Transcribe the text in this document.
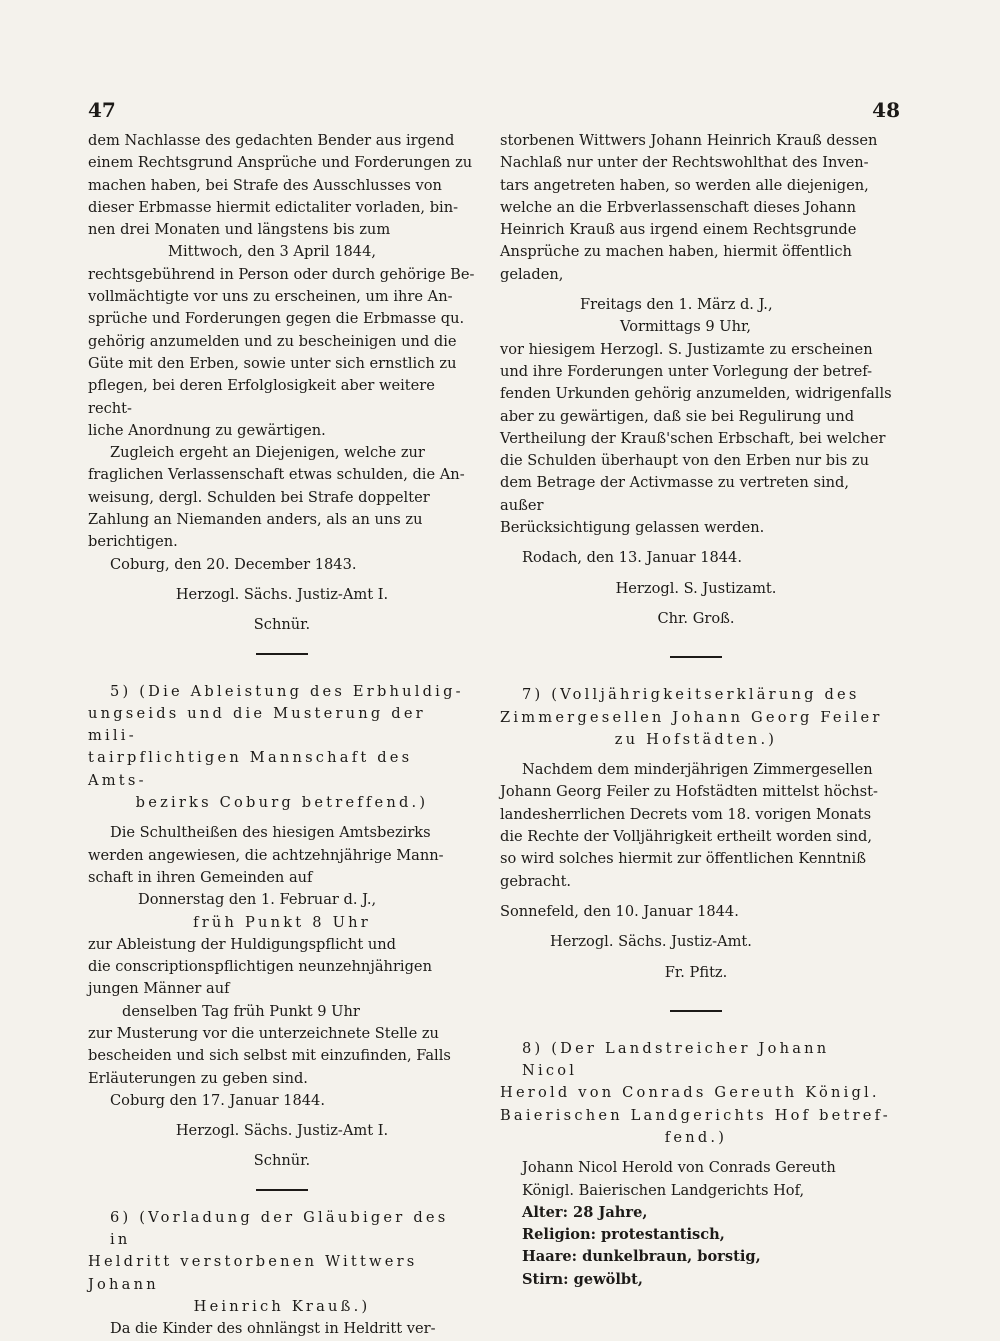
47	48
dem Nachlasse des gedachten Bender aus irgend
einem Rechtsgrund Ansprüche und Forderungen zu
machen haben, bei Strafe des Ausschlusses von
dieser Erbmasse hiermit edictaliter vorladen, bin-
nen drei Monaten und längstens bis zum
Mittwoch, den 3 April 1844,
rechtsgebührend in Person oder durch gehörige Be-
vollmächtigte vor uns zu erscheinen, um ihre An-
sprüche und Forderungen gegen die Erbmasse qu.
gehörig anzumelden und zu bescheinigen und die
Güte mit den Erben, sowie unter sich ernstlich zu
pflegen, bei deren Erfolglosigkeit aber weitere recht-
liche Anordnung zu gewärtigen.
Zugleich ergeht an Diejenigen, welche zur
fraglichen Verlassenschaft etwas schulden, die An-
weisung, dergl. Schulden bei Strafe doppelter
Zahlung an Niemanden anders, als an uns zu
berichtigen.
Coburg, den 20. December 1843.
Herzogl. Sächs. Justiz-Amt I.
Schnür.
5) (Die Ableistung des Erbhuldig-
ungseids und die Musterung der mili-
tairpflichtigen Mannschaft des Amts-
bezirks Coburg betreffend.)
Die Schultheißen des hiesigen Amtsbezirks
werden angewiesen, die achtzehnjährige Mann-
schaft in ihren Gemeinden auf
Donnerstag den 1. Februar d. J.,
früh Punkt 8 Uhr
zur Ableistung der Huldigungspflicht und
die conscriptionspflichtigen neunzehnjährigen
jungen Männer auf
denselben Tag früh Punkt 9 Uhr
zur Musterung vor die unterzeichnete Stelle zu
bescheiden und sich selbst mit einzufinden, Falls
Erläuterungen zu geben sind.
Coburg den 17. Januar 1844.
Herzogl. Sächs. Justiz-Amt I.
Schnür.
6) (Vorladung der Gläubiger des in
Heldritt verstorbenen Wittwers Johann
Heinrich Krauß.)
Da die Kinder des ohnlängst in Heldritt ver-
storbenen Wittwers Johann Heinrich Krauß dessen
Nachlaß nur unter der Rechtswohlthat des Inven-
tars angetreten haben, so werden alle diejenigen,
welche an die Erbverlassenschaft dieses Johann
Heinrich Krauß aus irgend einem Rechtsgrunde
Ansprüche zu machen haben, hiermit öffentlich geladen,
Freitags den 1. März d. J.,
Vormittags 9 Uhr,
vor hiesigem Herzogl. S. Justizamte zu erscheinen
und ihre Forderungen unter Vorlegung der betref-
fenden Urkunden gehörig anzumelden, widrigenfalls
aber zu gewärtigen, daß sie bei Regulirung und
Vertheilung der Krauß'schen Erbschaft, bei welcher
die Schulden überhaupt von den Erben nur bis zu
dem Betrage der Activmasse zu vertreten sind, außer
Berücksichtigung gelassen werden.
Rodach, den 13. Januar 1844.
Herzogl. S. Justizamt.
Chr. Groß.
7) (Volljährigkeitserklärung des
Zimmergesellen Johann Georg Feiler
zu Hofstädten.)
Nachdem dem minderjährigen Zimmergesellen
Johann Georg Feiler zu Hofstädten mittelst höchst-
landesherrlichen Decrets vom 18. vorigen Monats
die Rechte der Volljährigkeit ertheilt worden sind,
so wird solches hiermit zur öffentlichen Kenntniß
gebracht.
Sonnefeld, den 10. Januar 1844.
Herzogl. Sächs. Justiz-Amt.
Fr. Pfitz.
8) (Der Landstreicher Johann Nicol
Herold von Conrads Gereuth Königl.
Baierischen Landgerichts Hof betref-
fend.)
Johann Nicol Herold von Conrads Gereuth
Königl. Baierischen Landgerichts Hof,
Alter: 28 Jahre,
Religion: protestantisch,
Haare: dunkelbraun, borstig,
Stirn: gewölbt,
